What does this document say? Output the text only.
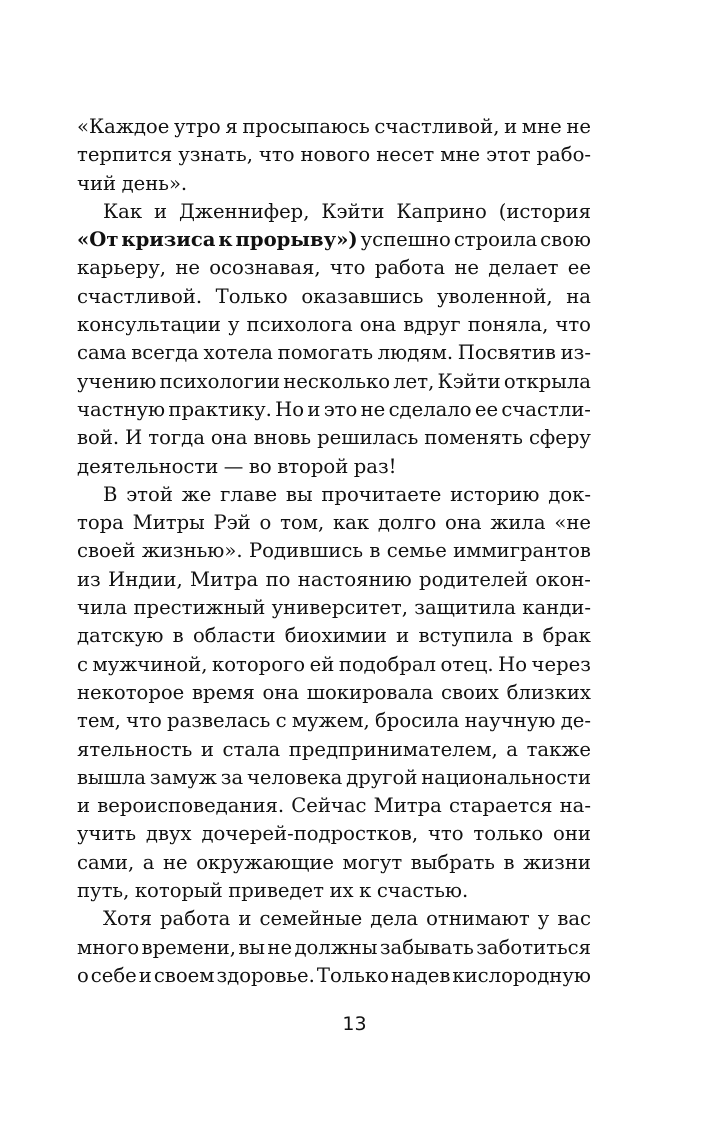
«Каждое утро я просыпаюсь счастливой, и мне не
терпится узнать, что нового несет мне этот рабо-
чий день».
Как и Дженнифер, Кэйти Каприно (история
«От кризиса к прорыву») успешно строила свою
карьеру, не осознавая, что работа не делает ее
счастливой. Только оказавшись уволенной, на
консультации у психолога она вдруг поняла, что
сама всегда хотела помогать людям. Посвятив из-
учению психологии несколько лет, Кэйти открыла
частную практику. Но и это не сделало ее счастли-
вой. И тогда она вновь решилась поменять сферу
деятельности — во второй раз!
В этой же главе вы прочитаете историю док-
тора Митры Рэй о том, как долго она жила «не
своей жизнью». Родившись в семье иммигрантов
из Индии, Митра по настоянию родителей окон-
чила престижный университет, защитила канди-
датскую в области биохимии и вступила в брак
с мужчиной, которого ей подобрал отец. Но через
некоторое время она шокировала своих близких
тем, что развелась с мужем, бросила научную де-
ятельность и стала предпринимателем, а также
вышла замуж за человека другой национальности
и вероисповедания. Сейчас Митра старается на-
учить двух дочерей-подростков, что только они
сами, а не окружающие могут выбрать в жизни
путь, который приведет их к счастью.
Хотя работа и семейные дела отнимают у вас
много времени, вы не должны забывать заботиться
о себе и своем здоровье. Только надев кислородную
13
